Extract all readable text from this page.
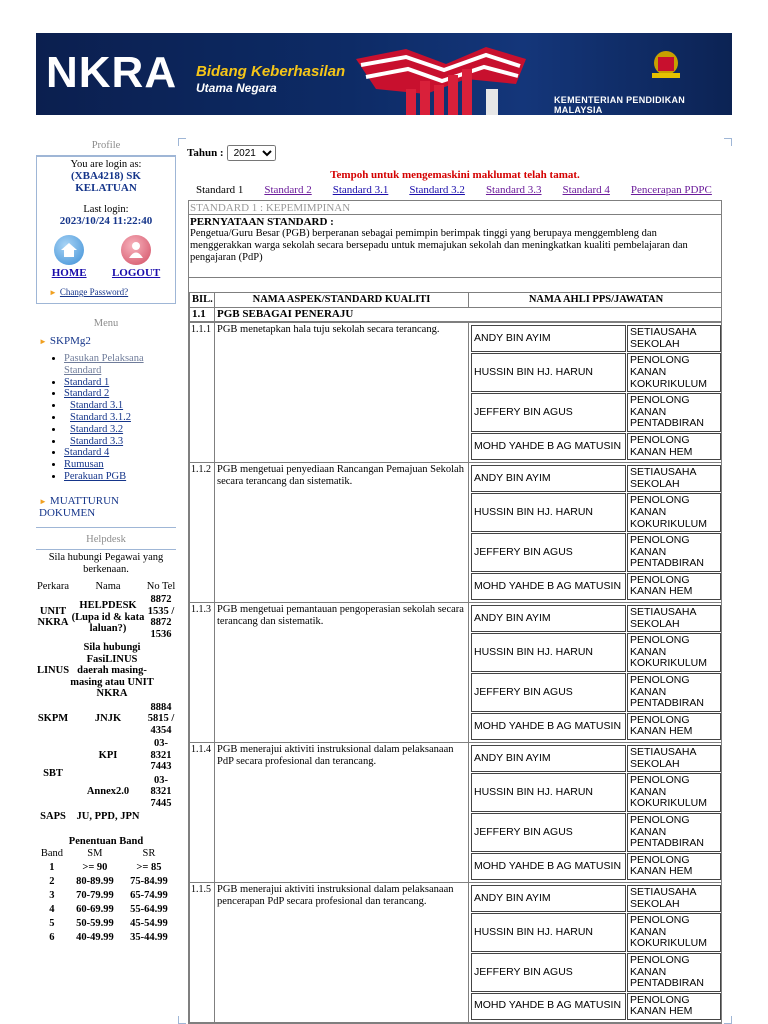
NKRA Bidang Keberhasilan
Utama Negara
KEMENTERIAN PENDIDIKAN MALAYSIA
Profile
You are login as:
(XBA4218) SK KELATUAN
Last login:
2023/10/24 11:22:40
HOME LOGOUT
► Change Password?
Menu
► SKPMg2
• Pasukan Pelaksana Standard
• Standard 1
• Standard 2
• Standard 3.1
• Standard 3.1.2
• Standard 3.2
• Standard 3.3
• Standard 4
• Rumusan
• Perakuan PGB
► MUATTURUN DOKUMEN
Helpdesk
Sila hubungi Pegawai yang berkenaan.
Perkara	Nama	No Tel
UNIT NKRA	HELPDESK (Lupa id & kata laluan?)	8872 1535 / 8872 1536
LINUS	Sila hubungi FasiLINUS daerah masing-masing atau UNIT NKRA	
SKPM	JNJK	8884 5815 / 4354
SBT	KPI	03-8321 7443
	Annex2.0	03-8321 7445
SAPS	JU, PPD, JPN	
Penentuan Band
Band	SM	SR
1	>= 90	>= 85
2	80-89.99	75-84.99
3	70-79.99	65-74.99
4	60-69.99	55-64.99
5	50-59.99	45-54.99
6	40-49.99	35-44.99
Tahun :
2021
Tempoh untuk mengemaskini maklumat telah tamat.
Standard 1 Standard 2 Standard 3.1 Standard 3.2 Standard 3.3 Standard 4 Pencerapan PDPC
STANDARD 1 : KEPEMIMPINAN
PERNYATAAN STANDARD :
Pengetua/Guru Besar (PGB) berperanan sebagai pemimpin berimpak tinggi yang berupaya menggembleng dan menggerakkan warga sekolah secara bersepadu untuk memajukan sekolah dan meningkatkan kualiti pembelajaran dan pengajaran (PdP)
BIL.	NAMA ASPEK/STANDARD KUALITI	NAMA AHLI PPS/JAWATAN
1.1	PGB SEBAGAI PENERAJU	
1.1.1	PGB menetapkan hala tuju sekolah secara terancang.	
ANDY BIN AYIM	SETIAUSAHA SEKOLAH
HUSSIN BIN HJ. HARUN	PENOLONG KANAN KOKURIKULUM
JEFFERY BIN AGUS	PENOLONG KANAN PENTADBIRAN
MOHD YAHDE B AG MATUSIN	PENOLONG KANAN HEM

1.1.2	PGB mengetuai penyediaan Rancangan Pemajuan Sekolah secara terancang dan sistematik.		ANDY BIN AYIM	SETIAUSAHA SEKOLAH
HUSSIN BIN HJ. HARUN	PENOLONG KANAN KOKURIKULUM
JEFFERY BIN AGUS	PENOLONG KANAN PENTADBIRAN
MOHD YAHDE B AG MATUSIN	PENOLONG KANAN HEM

1.1.3	PGB mengetuai pemantauan pengoperasian sekolah secara terancang dan sistematik.		ANDY BIN AYIM	SETIAUSAHA SEKOLAH
HUSSIN BIN HJ. HARUN	PENOLONG KANAN KOKURIKULUM
JEFFERY BIN AGUS	PENOLONG KANAN PENTADBIRAN
MOHD YAHDE B AG MATUSIN	PENOLONG KANAN HEM

1.1.4	PGB menerajui aktiviti instruksional dalam pelaksanaan PdP secara profesional dan terancang.		ANDY BIN AYIM	SETIAUSAHA SEKOLAH
HUSSIN BIN HJ. HARUN	PENOLONG KANAN KOKURIKULUM
JEFFERY BIN AGUS	PENOLONG KANAN PENTADBIRAN
MOHD YAHDE B AG MATUSIN	PENOLONG KANAN HEM

1.1.5	PGB menerajui aktiviti instruksional dalam pelaksanaan pencerapan PdP secara profesional dan terancang.		ANDY BIN AYIM	SETIAUSAHA SEKOLAH
HUSSIN BIN HJ. HARUN	PENOLONG KANAN KOKURIKULUM
JEFFERY BIN AGUS	PENOLONG KANAN PENTADBIRAN
MOHD YAHDE B AG MATUSIN	PENOLONG KANAN HEM
